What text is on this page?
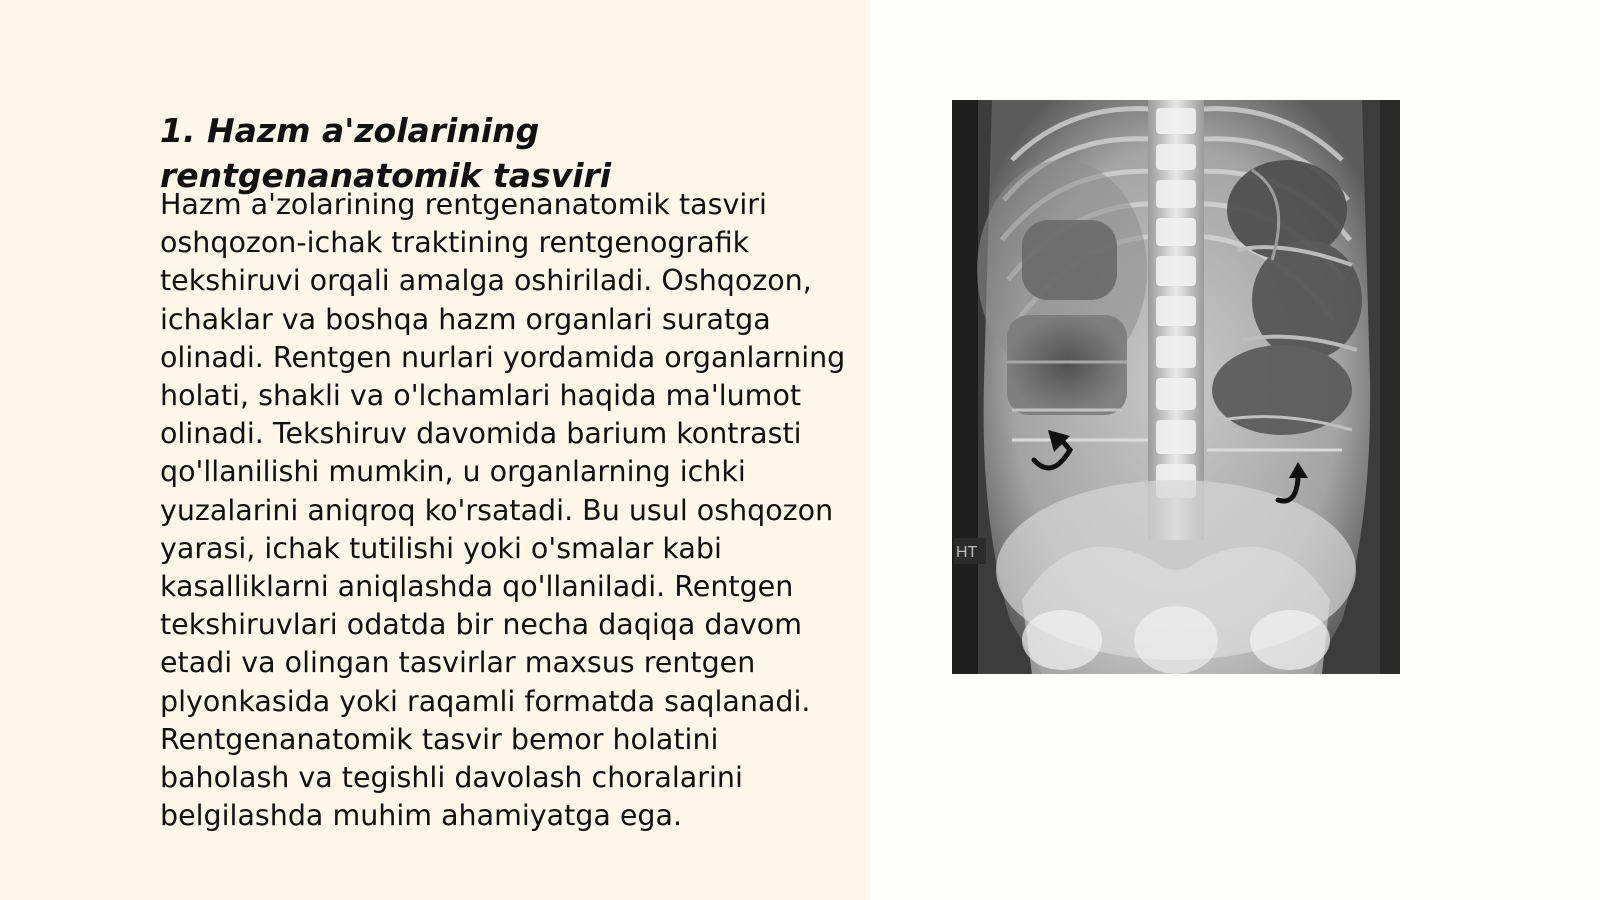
1. Hazm a'zolarining rentgenanatomik tasviri

Hazm a'zolarining rentgenanatomik tasviri oshqozon-ichak traktining rentgenografik tekshiruvi orqali amalga oshiriladi. Oshqozon, ichaklar va boshqa hazm organlari suratga olinadi. Rentgen nurlari yordamida organlarning holati, shakli va o'lchamlari haqida ma'lumot olinadi. Tekshiruv davomida barium kontrasti qo'llanilishi mumkin, u organlarning ichki yuzalarini aniqroq ko'rsatadi. Bu usul oshqozon yarasi, ichak tutilishi yoki o'smalar kabi kasalliklarni aniqlashda qo'llaniladi. Rentgen tekshiruvlari odatda bir necha daqiqa davom etadi va olingan tasvirlar maxsus rentgen plyonkasida yoki raqamli formatda saqlanadi. Rentgenanatomik tasvir bemor holatini baholash va tegishli davolash choralarini belgilashda muhim ahamiyatga ega.

HT
